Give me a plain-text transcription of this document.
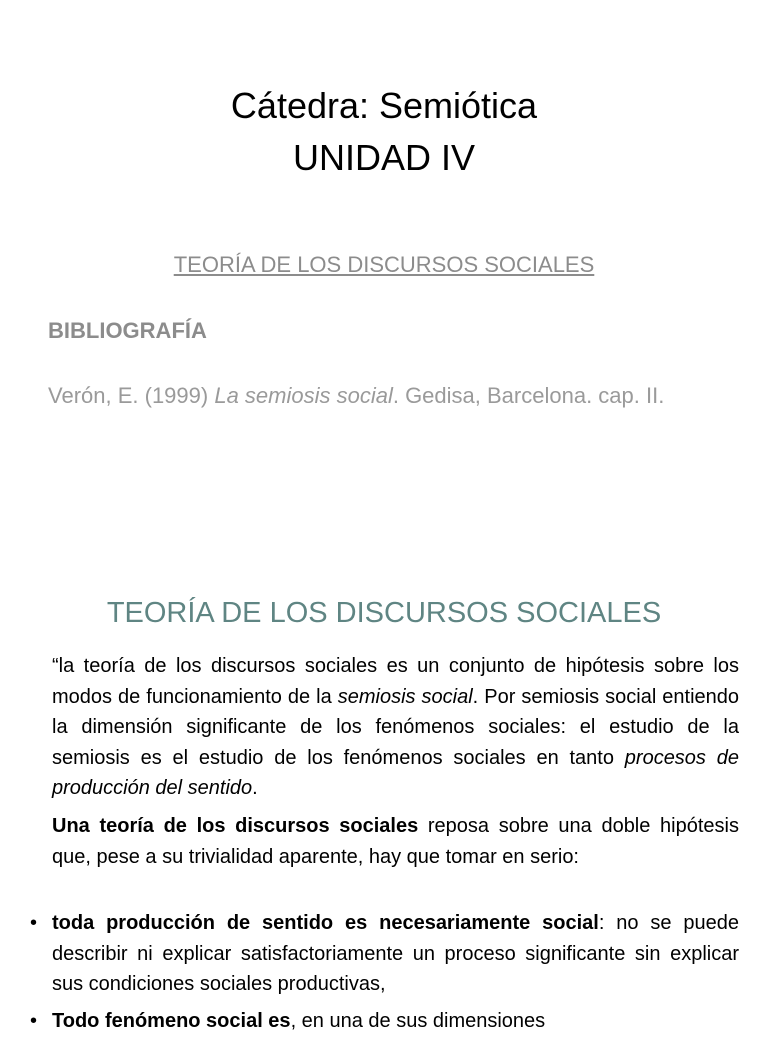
Cátedra: Semiótica
UNIDAD IV
TEORÍA DE LOS DISCURSOS SOCIALES
BIBLIOGRAFÍA
Verón, E. (1999) La semiosis social. Gedisa, Barcelona. cap. II.
TEORÍA DE LOS DISCURSOS SOCIALES
“la teoría de los discursos sociales es un conjunto de hipótesis sobre los modos de funcionamiento de la semiosis social. Por semiosis social entiendo la dimensión significante de los fenómenos sociales: el estudio de la semiosis es el estudio de los fenómenos sociales en tanto procesos de producción del sentido.
Una teoría de los discursos sociales reposa sobre una doble hipótesis que, pese a su trivialidad aparente, hay que tomar en serio:
• toda producción de sentido es necesariamente social: no se puede describir ni explicar satisfactoriamente un proceso significante sin explicar sus condiciones sociales productivas,
• Todo fenómeno social es, en una de sus dimensiones
